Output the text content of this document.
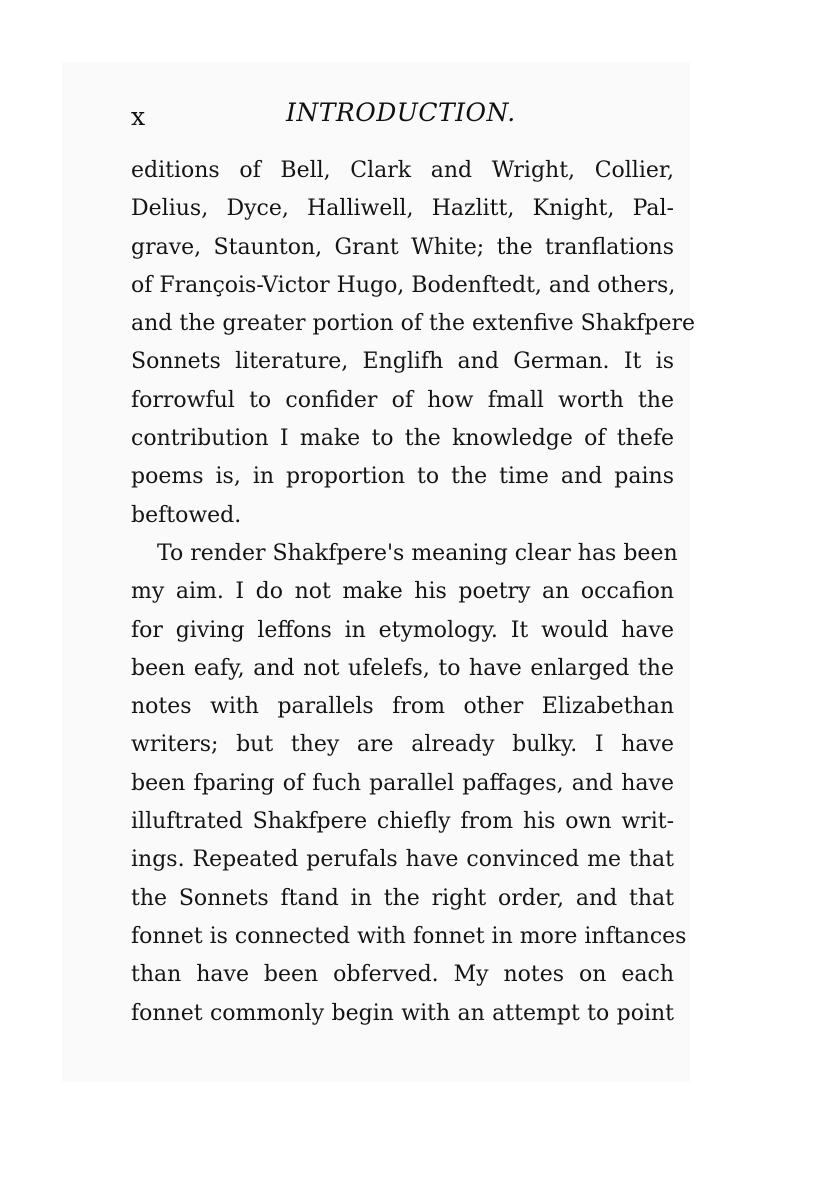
x	INTRODUCTION.
editions of Bell, Clark and Wright, Collier,
Delius, Dyce, Halliwell, Hazlitt, Knight, Pal-
grave, Staunton, Grant White; the tranflations
of François-Victor Hugo, Bodenftedt, and others,
and the greater portion of the extenfive Shakfpere
Sonnets literature, Englifh and German. It is
forrowful to confider of how fmall worth the
contribution I make to the knowledge of thefe
poems is, in proportion to the time and pains
beftowed.
To render Shakfpere's meaning clear has been
my aim. I do not make his poetry an occafion
for giving leffons in etymology. It would have
been eafy, and not ufelefs, to have enlarged the
notes with parallels from other Elizabethan
writers; but they are already bulky. I have
been fparing of fuch parallel paffages, and have
illuftrated Shakfpere chiefly from his own writ-
ings. Repeated perufals have convinced me that
the Sonnets ftand in the right order, and that
fonnet is connected with fonnet in more inftances
than have been obferved. My notes on each
fonnet commonly begin with an attempt to point
